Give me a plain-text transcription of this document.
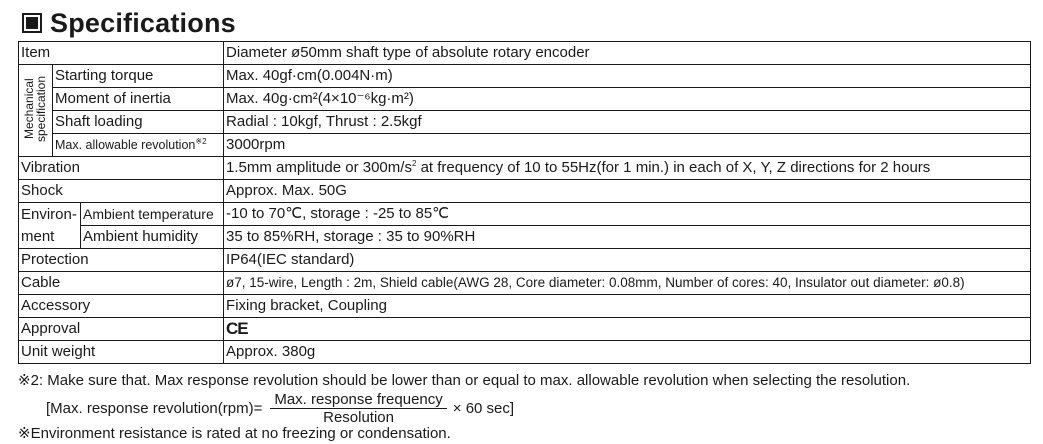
Specifications
Item			Diameter ø50mm shaft type of absolute rotary encoder
Mechanical specification	Starting torque		Max. 40gf·cm(0.004N·m)
	Moment of inertia		Max. 40g·cm²(4×10⁻⁶kg·m²)
	Shaft loading		Radial : 10kgf, Thrust : 2.5kgf
	Max. allowable revolution$^{※2}$		3000rpm
Vibration			1.5mm amplitude or $300m/s^2$ at frequency of 10 to 55Hz(for 1 min.) in each of X, Y, Z directions for 2 hours
Shock			Approx. Max. 50G
Environ-
ment		Ambient temperature	-10 to 70℃, storage : -25 to 85℃
		Ambient humidity	35 to 85%RH, storage : 35 to 90%RH
Protection			IP64(IEC standard)
Cable			ø7, 15-wire, Length : 2m, Shield cable(AWG 28, Core diameter: 0.08mm, Number of cores: 40, Insulator out diameter: ø0.8)
Accessory			Fixing bracket, Coupling
Approval			CE
Unit weight			Approx. 380g
※2: Make sure that. Max response revolution should be lower than or equal to max. allowable revolution when selecting the resolution.
[Max. response revolution(rpm)= $\frac{\text{Max. response frequency}}{\text{Resolution}} \times 60$ sec]
※Environment resistance is rated at no freezing or condensation.
